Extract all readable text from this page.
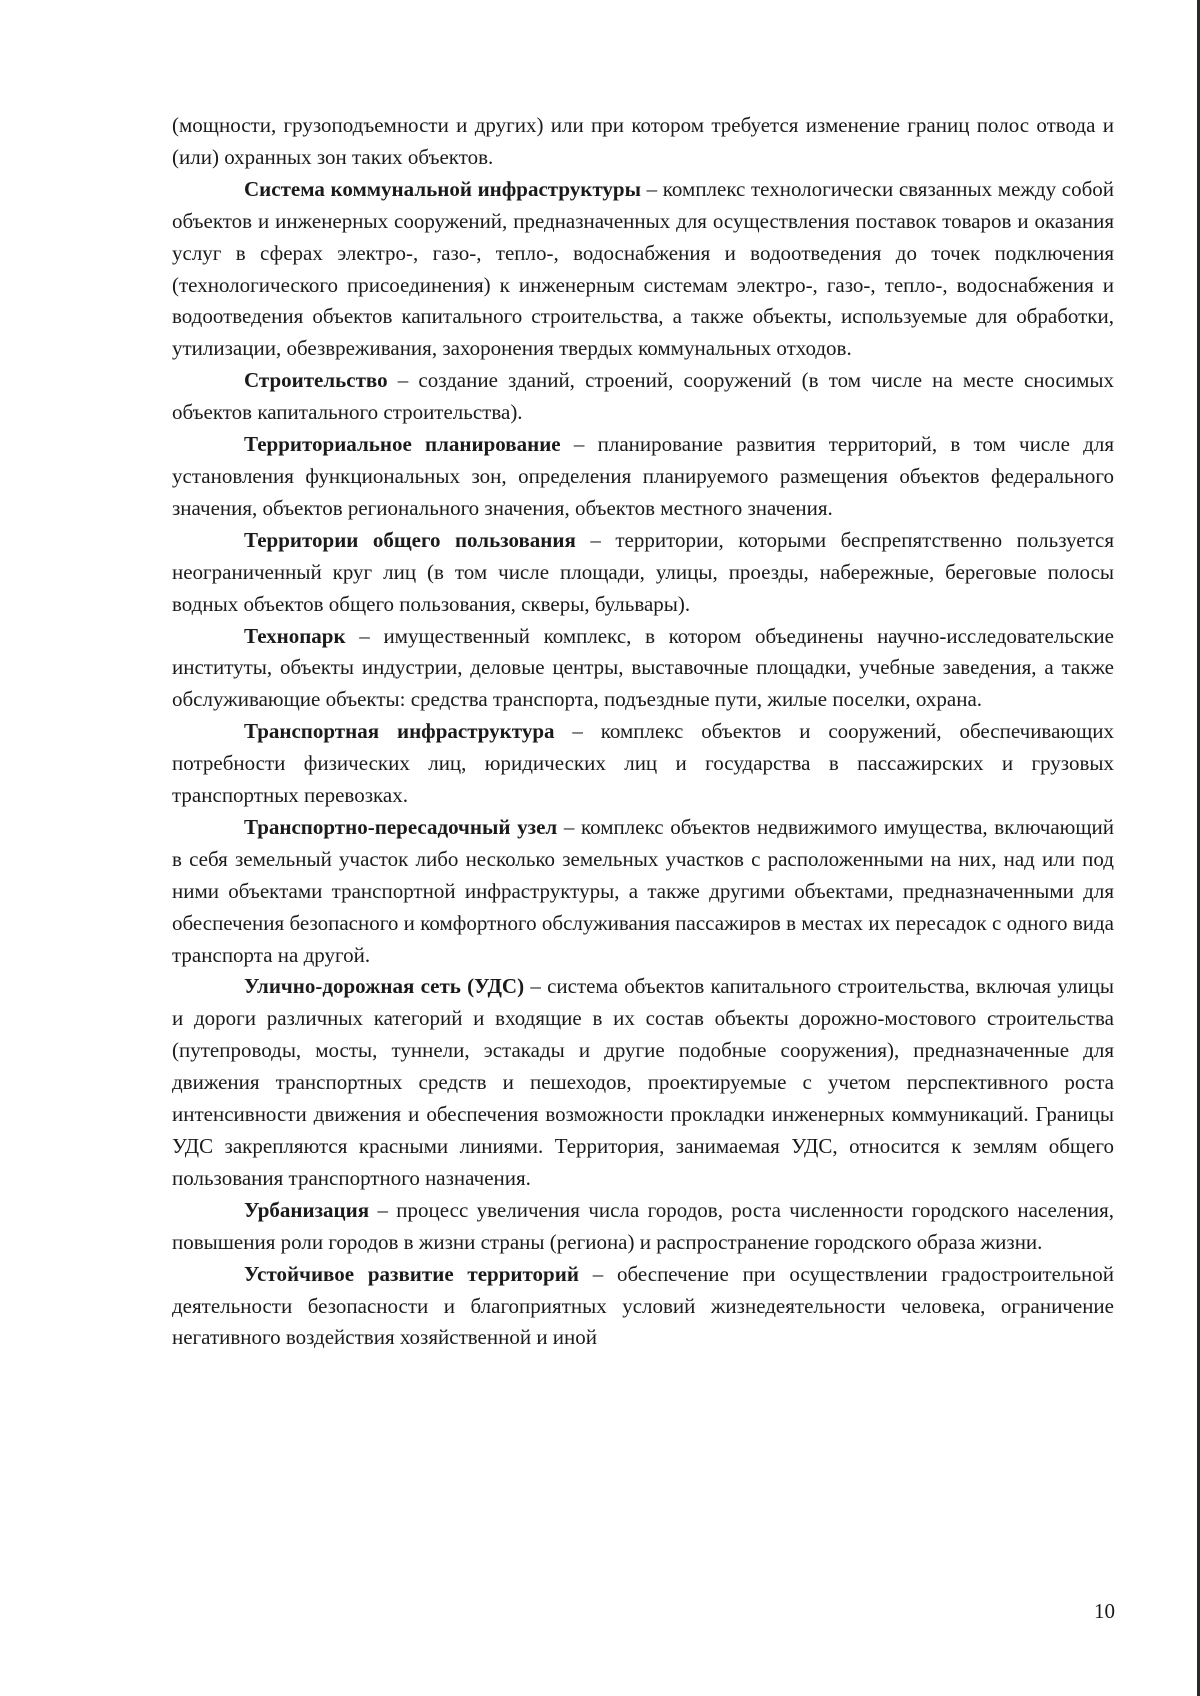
(мощности, грузоподъемности и других) или при котором требуется изменение границ полос отвода и (или) охранных зон таких объектов.

Система коммунальной инфраструктуры – комплекс технологически связанных между собой объектов и инженерных сооружений, предназначенных для осуществления поставок товаров и оказания услуг в сферах электро-, газо-, тепло-, водоснабжения и водоотведения до точек подключения (технологического присоединения) к инженерным системам электро-, газо-, тепло-, водоснабжения и водоотведения объектов капитального строительства, а также объекты, используемые для обработки, утилизации, обезвреживания, захоронения твердых коммунальных отходов.

Строительство – создание зданий, строений, сооружений (в том числе на месте сносимых объектов капитального строительства).

Территориальное планирование – планирование развития территорий, в том числе для установления функциональных зон, определения планируемого размещения объектов федерального значения, объектов регионального значения, объектов местного значения.

Территории общего пользования – территории, которыми беспрепятственно пользуется неограниченный круг лиц (в том числе площади, улицы, проезды, набережные, береговые полосы водных объектов общего пользования, скверы, бульвары).

Технопарк – имущественный комплекс, в котором объединены научно-исследовательские институты, объекты индустрии, деловые центры, выставочные площадки, учебные заведения, а также обслуживающие объекты: средства транспорта, подъездные пути, жилые поселки, охрана.

Транспортная инфраструктура – комплекс объектов и сооружений, обеспечивающих потребности физических лиц, юридических лиц и государства в пассажирских и грузовых транспортных перевозках.

Транспортно-пересадочный узел – комплекс объектов недвижимого имущества, включающий в себя земельный участок либо несколько земельных участков с расположенными на них, над или под ними объектами транспортной инфраструктуры, а также другими объектами, предназначенными для обеспечения безопасного и комфортного обслуживания пассажиров в местах их пересадок с одного вида транспорта на другой.

Улично-дорожная сеть (УДС) – система объектов капитального строительства, включая улицы и дороги различных категорий и входящие в их состав объекты дорожно-мостового строительства (путепроводы, мосты, туннели, эстакады и другие подобные сооружения), предназначенные для движения транспортных средств и пешеходов, проектируемые с учетом перспективного роста интенсивности движения и обеспечения возможности прокладки инженерных коммуникаций. Границы УДС закрепляются красными линиями. Территория, занимаемая УДС, относится к землям общего пользования транспортного назначения.

Урбанизация – процесс увеличения числа городов, роста численности городского населения, повышения роли городов в жизни страны (региона) и распространение городского образа жизни.

Устойчивое развитие территорий – обеспечение при осуществлении градостроительной деятельности безопасности и благоприятных условий жизнедеятельности человека, ограничение негативного воздействия хозяйственной и иной

10
